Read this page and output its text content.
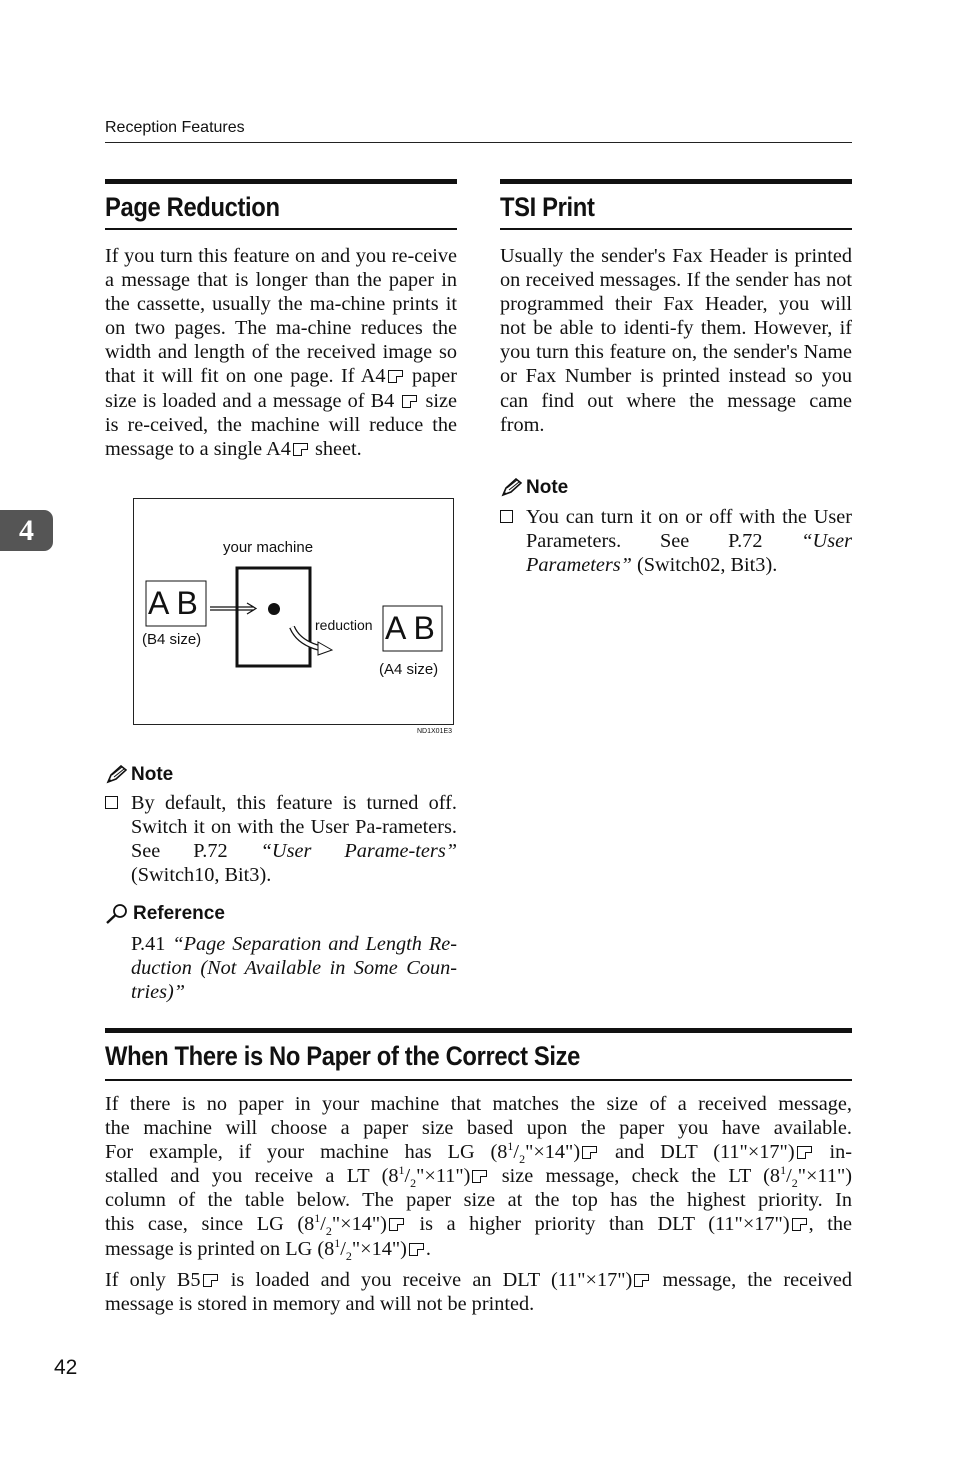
Reception Features
4
Page Reduction

If you turn this feature on and you re-ceive a message that is longer than the paper in the cassette, usually the ma-chine prints it on two pages. The ma-chine reduces the width and length of the received image so that it will fit on one page. If A4 paper size is loaded and a message of B4  size is re-ceived, the machine will reduce the message to a single A4 sheet.

your machine
A B
(B4 size)
reduction A B
(A4 size)
ND1X01E3
Note
By default, this feature is turned off. Switch it on with the User Pa-rameters. See P.72 “User Parame-ters” (Switch10, Bit3).
Reference
P.41 “Page Separation and Length Re-duction (Not Available in Some Coun-tries)”
TSI Print

Usually the sender's Fax Header is printed on received messages. If the sender has not programmed their Fax Header, you will not be able to identi-fy them. However, if you turn this feature on, the sender's Name or Fax Number is printed instead so you can find out where the message came from.

Note
You can turn it on or off with the User Parameters. See P.72 “User Parameters” (Switch02, Bit3).
When There is No Paper of the Correct Size
If there is no paper in your machine that matches the size of a received message,
the machine will choose a paper size based upon the paper you have available.
For example, if your machine has LG $(8^1/_2"\times 14")$ and DLT (11"×17") in-
stalled and you receive a LT $(8^1/_2"\times 11")$ size message, check the LT $(8^1/_2"\times 11")$
column of the table below. The paper size at the top has the highest priority. In
this case, since LG $(8^1/_2"\times 14")$ is a higher priority than DLT (11"×17") , the
message is printed on LG $(8^1/_2"\times 14")$ .
If only B5 is loaded and you receive an DLT (11"×17") message, the received
message is stored in memory and will not be printed.
42
